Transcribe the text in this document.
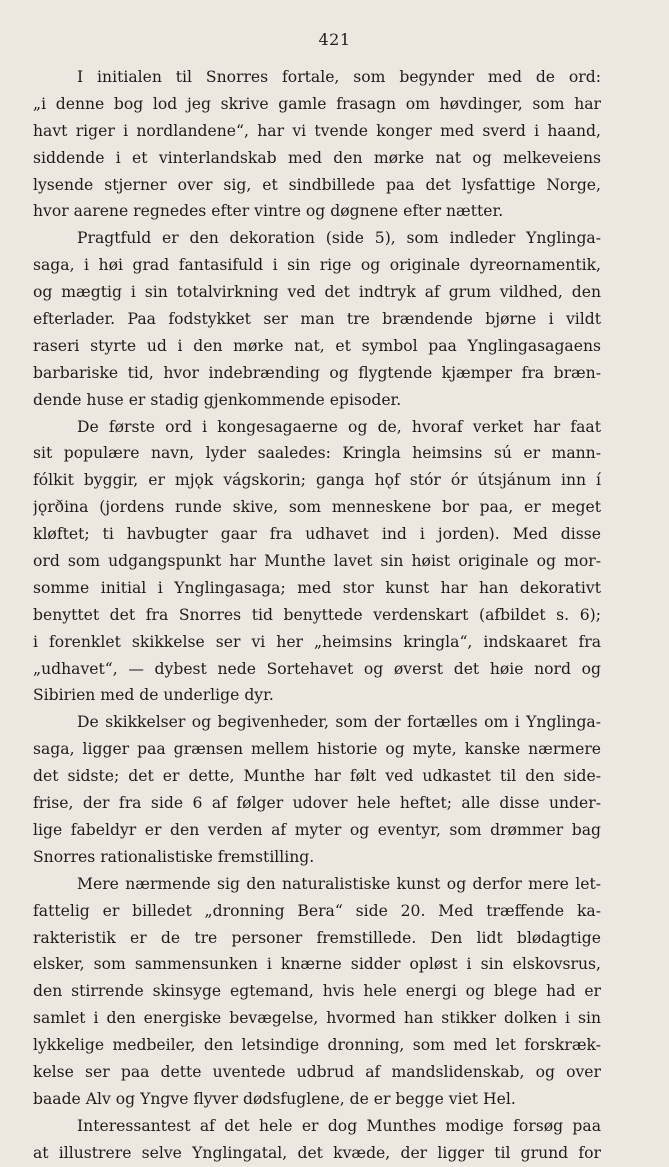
421
I initialen til Snorres fortale, som begynder med de ord:
„i denne bog lod jeg skrive gamle frasagn om høvdinger, som har
havt riger i nordlandene“, har vi tvende konger med sverd i haand,
siddende i et vinterlandskab med den mørke nat og melkeveiens
lysende stjerner over sig, et sindbillede paa det lysfattige Norge,
hvor aarene regnedes efter vintre og døgnene efter nætter.
Pragtfuld er den dekoration (side 5), som indleder Ynglinga-
saga, i høi grad fantasifuld i sin rige og originale dyreornamentik,
og mægtig i sin totalvirkning ved det indtryk af grum vildhed, den
efterlader. Paa fodstykket ser man tre brændende bjørne i vildt
raseri styrte ud i den mørke nat, et symbol paa Ynglingasagaens
barbariske tid, hvor indebrænding og flygtende kjæmper fra bræn-
dende huse er stadig gjenkommende episoder.
De første ord i kongesagaerne og de, hvoraf verket har faat
sit populære navn, lyder saaledes: Kringla heimsins sú er mann-
fólkit byggir, er mjǫk vágskorin; ganga hǫf stór ór útsjánum inn í
jǫrðina (jordens runde skive, som menneskene bor paa, er meget
kløftet; ti havbugter gaar fra udhavet ind i jorden). Med disse
ord som udgangspunkt har Munthe lavet sin høist originale og mor-
somme initial i Ynglingasaga; med stor kunst har han dekorativt
benyttet det fra Snorres tid benyttede verdenskart (afbildet s. 6);
i forenklet skikkelse ser vi her „heimsins kringla“, indskaaret fra
„udhavet“, — dybest nede Sortehavet og øverst det høie nord og
Sibirien med de underlige dyr.
De skikkelser og begivenheder, som der fortælles om i Ynglinga-
saga, ligger paa grænsen mellem historie og myte, kanske nærmere
det sidste; det er dette, Munthe har følt ved udkastet til den side-
frise, der fra side 6 af følger udover hele heftet; alle disse under-
lige fabeldyr er den verden af myter og eventyr, som drømmer bag
Snorres rationalistiske fremstilling.
Mere nærmende sig den naturalistiske kunst og derfor mere let-
fattelig er billedet „dronning Bera“ side 20. Med træffende ka-
rakteristik er de tre personer fremstillede. Den lidt blødagtige
elsker, som sammensunken i knærne sidder opløst i sin elskovsrus,
den stirrende skinsyge egtemand, hvis hele energi og blege had er
samlet i den energiske bevægelse, hvormed han stikker dolken i sin
lykkelige medbeiler, den letsindige dronning, som med let forskræk-
kelse ser paa dette uventede udbrud af mandslidenskab, og over
baade Alv og Yngve flyver dødsfuglene, de er begge viet Hel.
Interessantest af det hele er dog Munthes modige forsøg paa
at illustrere selve Ynglingatal, det kvæde, der ligger til grund for
